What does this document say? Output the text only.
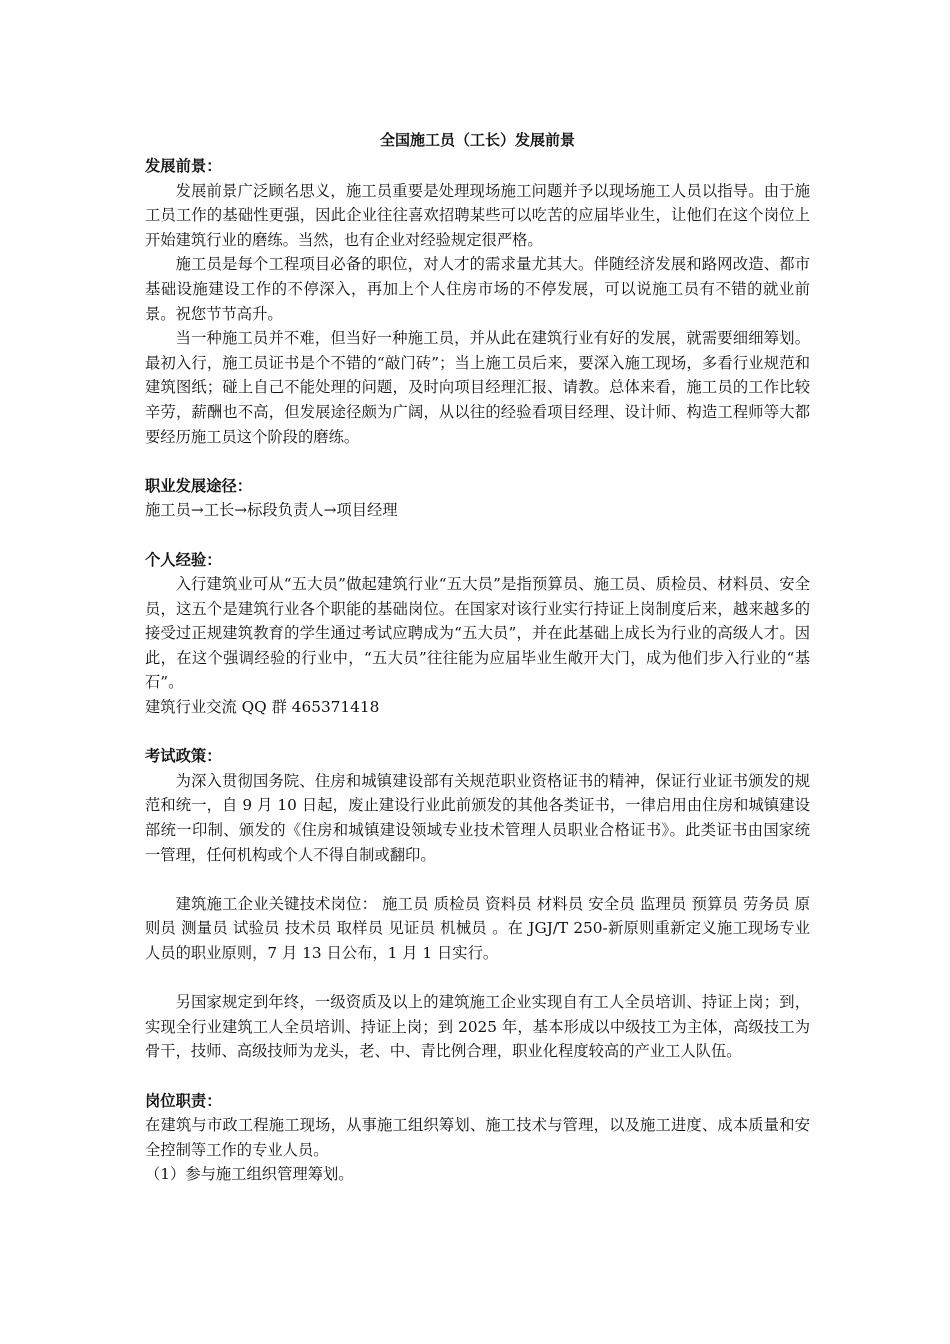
全国施工员（工长）发展前景
发展前景：

发展前景广泛顾名思义，施工员重要是处理现场施工问题并予以现场施工人员以指导。由于施工员工作的基础性更强，因此企业往往喜欢招聘某些可以吃苦的应届毕业生，让他们在这个岗位上开始建筑行业的磨练。当然，也有企业对经验规定很严格。

施工员是每个工程项目必备的职位，对人才的需求量尤其大。伴随经济发展和路网改造、都市基础设施建设工作的不停深入，再加上个人住房市场的不停发展，可以说施工员有不错的就业前景。祝您节节高升。

当一种施工员并不难，但当好一种施工员，并从此在建筑行业有好的发展，就需要细细筹划。最初入行，施工员证书是个不错的“敲门砖”；当上施工员后来，要深入施工现场，多看行业规范和建筑图纸；碰上自己不能处理的问题，及时向项目经理汇报、请教。总体来看，施工员的工作比较辛劳，薪酬也不高，但发展途径颇为广阔，从以往的经验看项目经理、设计师、构造工程师等大都要经历施工员这个阶段的磨练。

职业发展途径：

施工员→工长→标段负责人→项目经理

个人经验：

入行建筑业可从“五大员”做起建筑行业“五大员”是指预算员、施工员、质检员、材料员、安全员，这五个是建筑行业各个职能的基础岗位。在国家对该行业实行持证上岗制度后来，越来越多的接受过正规建筑教育的学生通过考试应聘成为“五大员”，并在此基础上成长为行业的高级人才。因此，在这个强调经验的行业中，“五大员”往往能为应届毕业生敞开大门，成为他们步入行业的“基石”。

建筑行业交流 QQ 群 465371418

考试政策：

为深入贯彻国务院、住房和城镇建设部有关规范职业资格证书的精神，保证行业证书颁发的规范和统一，自 9 月 10 日起，废止建设行业此前颁发的其他各类证书，一律启用由住房和城镇建设部统一印制、颁发的《住房和城镇建设领域专业技术管理人员职业合格证书》。此类证书由国家统一管理，任何机构或个人不得自制或翻印。

建筑施工企业关键技术岗位： 施工员 质检员 资料员 材料员 安全员 监理员 预算员 劳务员 原则员 测量员 试验员 技术员 取样员 见证员 机械员 。在 JGJ/T 250-新原则重新定义施工现场专业人员的职业原则，7 月 13 日公布，1 月 1 日实行。

另国家规定到年终，一级资质及以上的建筑施工企业实现自有工人全员培训、持证上岗；到，实现全行业建筑工人全员培训、持证上岗；到 2025 年，基本形成以中级技工为主体，高级技工为骨干，技师、高级技师为龙头，老、中、青比例合理，职业化程度较高的产业工人队伍。

岗位职责：

在建筑与市政工程施工现场，从事施工组织筹划、施工技术与管理，以及施工进度、成本质量和安全控制等工作的专业人员。

（1）参与施工组织管理筹划。
